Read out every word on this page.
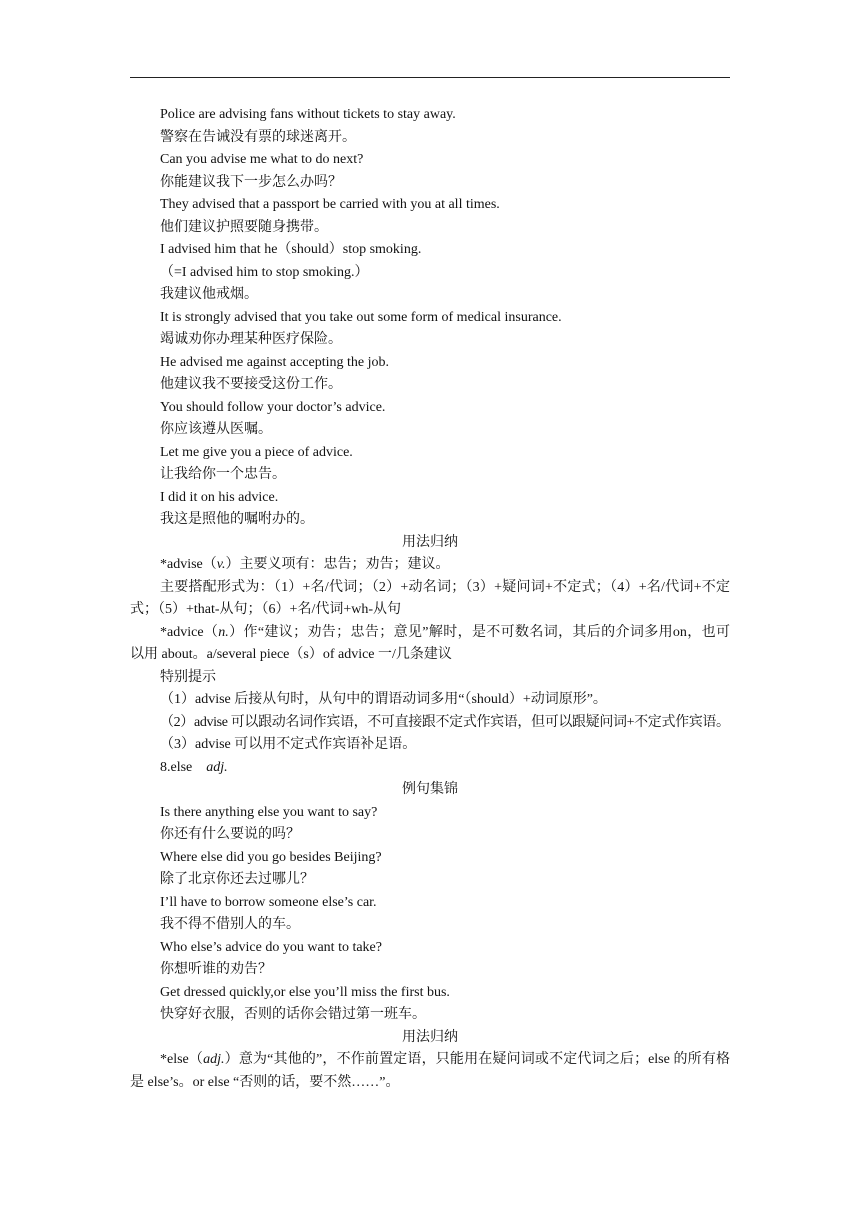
Police are advising fans without tickets to stay away.
警察在告诫没有票的球迷离开。
Can you advise me what to do next?
你能建议我下一步怎么办吗？
They advised that a passport be carried with you at all times.
他们建议护照要随身携带。
I advised him that he（should）stop smoking.
（=I advised him to stop smoking.）
我建议他戒烟。
It is strongly advised that you take out some form of medical insurance.
竭诚劝你办理某种医疗保险。
He advised me against accepting the job.
他建议我不要接受这份工作。
You should follow your doctor’s advice.
你应该遵从医嘱。
Let me give you a piece of advice.
让我给你一个忠告。
I did it on his advice.
我这是照他的嘱咐办的。
用法归纳
*advise（v.）主要义项有：忠告；劝告；建议。
主要搭配形式为：（1）+名/代词；（2）+动名词；（3）+疑问词+不定式；（4）+名/代词+不定式；（5）+that-从句；（6）+名/代词+wh-从句
*advice（n.）作“建议；劝告；忠告；意见”解时，是不可数名词，其后的介词多用on，也可以用 about。a/several piece（s）of advice 一/几条建议
特别提示
（1）advise 后接从句时，从句中的谓语动词多用“（should）+动词原形”。
（2）advise 可以跟动名词作宾语，不可直接跟不定式作宾语，但可以跟疑问词+不定式作宾语。
（3）advise 可以用不定式作宾语补足语。
8.else adj.
例句集锦
Is there anything else you want to say?
你还有什么要说的吗？
Where else did you go besides Beijing?
除了北京你还去过哪儿？
I’ll have to borrow someone else’s car.
我不得不借别人的车。
Who else’s advice do you want to take?
你想听谁的劝告？
Get dressed quickly,or else you’ll miss the first bus.
快穿好衣服，否则的话你会错过第一班车。
用法归纳
*else（adj.）意为“其他的”，不作前置定语，只能用在疑问词或不定代词之后；else 的所有格是 else’s。or else “否则的话，要不然……”。
